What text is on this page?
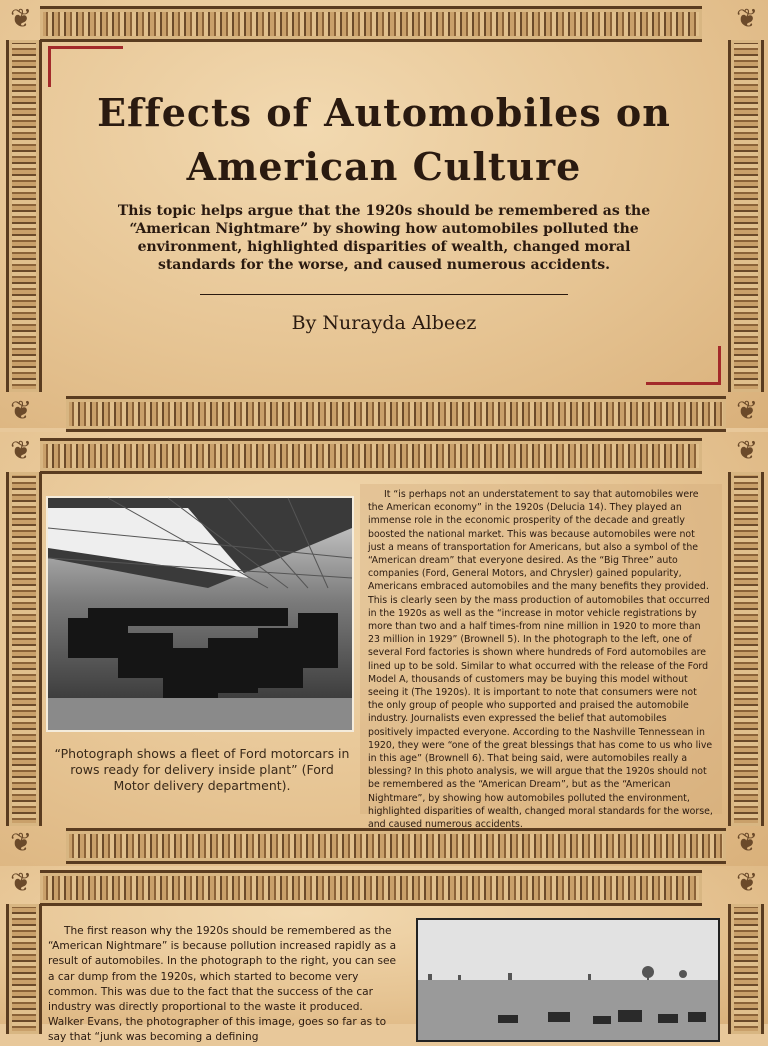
❦	❦
❦	❦
Effects of Automobiles on American Culture

This topic helps argue that the 1920s should be remembered as the “American Nightmare” by showing how automobiles polluted the environment, highlighted disparities of wealth, changed moral standards for the worse, and caused numerous accidents.

By Nurayda Albeez
❦	❦
❦	❦
“Photograph shows a fleet of Ford motorcars in rows ready for delivery inside plant” (Ford Motor delivery department).
It “is perhaps not an understatement to say that automobiles were the American economy” in the 1920s (Delucia 14). They played an immense role in the economic prosperity of the decade and greatly boosted the national market. This was because automobiles were not just a means of transportation for Americans, but also a symbol of the “American dream” that everyone desired. As the “Big Three” auto companies (Ford, General Motors, and Chrysler) gained popularity, Americans embraced automobiles and the many benefits they provided. This is clearly seen by the mass production of automobiles that occurred in the 1920s as well as the “increase in motor vehicle registrations by more than two and a half times-from nine million in 1920 to more than 23 million in 1929” (Brownell 5). In the photograph to the left, one of several Ford factories is shown where hundreds of Ford automobiles are lined up to be sold. Similar to what occurred with the release of the Ford Model A, thousands of customers may be buying this model without seeing it (The 1920s). It is important to note that consumers were not the only group of people who supported and praised the automobile industry. Journalists even expressed the belief that automobiles positively impacted everyone. According to the Nashville Tennessean in 1920, they were “one of the great blessings that has come to us who live in this age” (Brownell 6). That being said, were automobiles really a blessing? In this photo analysis, we will argue that the 1920s should not be remembered as the “American Dream”, but as the “American Nightmare”, by showing how automobiles polluted the environment, highlighted disparities of wealth, changed moral standards for the worse, and caused numerous accidents.
❦	❦
The first reason why the 1920s should be remembered as the “American Nightmare” is because pollution increased rapidly as a result of automobiles. In the photograph to the right, you can see a car dump from the 1920s, which started to become very common. This was due to the fact that the success of the car industry was directly proportional to the waste it produced. Walker Evans, the photographer of this image, goes so far as to say that “junk was becoming a defining
